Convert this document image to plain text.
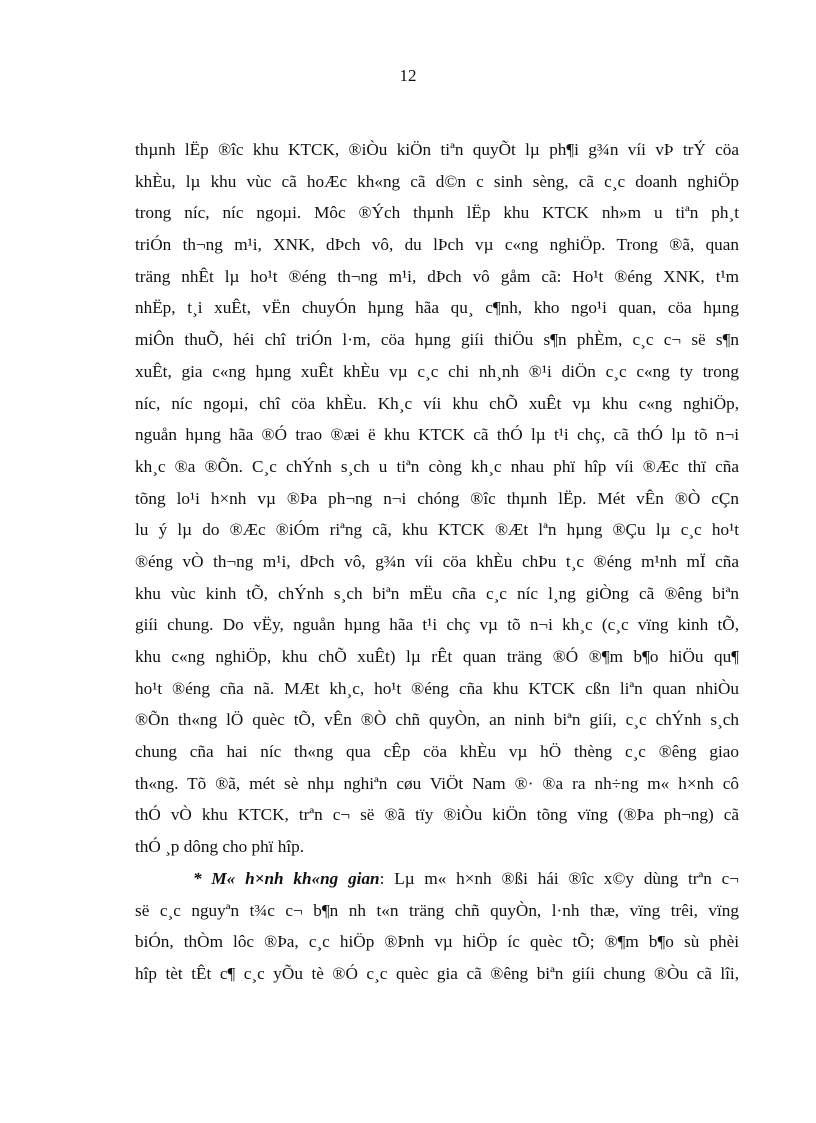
12
thµnh lËp ®îc khu KTCK, ®iÒu kiÖn tiªn quyÕt lµ ph¶i g¾n víi vÞ trÝ cöa
khÈu, lµ khu vùc cã hoÆc kh«ng cã d©n c sinh sèng, cã c¸c doanh nghiÖp
trong níc, níc ngoµi. Môc ®Ých thµnh lËp khu KTCK nh»m u tiªn ph¸t
triÓn th¬ng m¹i, XNK, dÞch vô, du lÞch vµ c«ng nghiÖp. Trong ®ã, quan
träng nhÊt lµ ho¹t ®éng th¬ng m¹i, dÞch vô gåm cã: Ho¹t ®éng XNK, t¹m
nhËp, t¸i xuÊt, vËn chuyÓn hµng hãa qu¸ c¶nh, kho ngo¹i quan, cöa hµng
miÔn thuÕ, héi chî triÓn l·m, cöa hµng giíi thiÖu s¶n phÈm, c¸c c¬ së s¶n
xuÊt, gia c«ng hµng xuÊt khÈu vµ c¸c chi nh¸nh ®¹i diÖn c¸c c«ng ty trong
níc, níc ngoµi, chî cöa khÈu. Kh¸c víi khu chÕ xuÊt vµ khu c«ng nghiÖp,
nguån hµng hãa ®Ó trao ®æi ë khu KTCK cã thÓ lµ t¹i chç, cã thÓ lµ tõ n¬i
kh¸c ®a ®Õn. C¸c chÝnh s¸ch u tiªn còng kh¸c nhau phï hîp víi ®Æc thï cña
tõng lo¹i h×nh vµ ®Þa ph¬ng n¬i chóng ®îc thµnh lËp. Mét vÊn ®Ò cÇn
lu ý lµ do ®Æc ®iÓm riªng cã, khu KTCK ®Æt lªn hµng ®Çu lµ c¸c ho¹t
®éng vÒ th¬ng m¹i, dÞch vô, g¾n víi cöa khÈu chÞu t¸c ®éng m¹nh mÏ cña
khu vùc kinh tÕ, chÝnh s¸ch biªn mËu cña c¸c níc l¸ng giÒng cã ®êng biªn
giíi chung. Do vËy, nguån hµng hãa t¹i chç vµ tõ n¬i kh¸c (c¸c vïng kinh tÕ,
khu c«ng nghiÖp, khu chÕ xuÊt) lµ rÊt quan träng ®Ó ®¶m b¶o hiÖu qu¶
ho¹t ®éng cña nã. MÆt kh¸c, ho¹t ®éng cña khu KTCK cßn liªn quan nhiÒu
®Õn th«ng lÖ quèc tÕ, vÊn ®Ò chñ quyÒn, an ninh biªn giíi, c¸c chÝnh s¸ch
chung cña hai níc th«ng qua cÊp cöa khÈu vµ hÖ thèng c¸c ®êng giao
th«ng. Tõ ®ã, mét sè nhµ nghiªn cøu ViÖt Nam ®· ®a ra nh÷ng m« h×nh cô
thÓ vÒ khu KTCK, trªn c¬ së ®ã tïy ®iÒu kiÖn tõng vïng (®Þa ph¬ng) cã
thÓ ¸p dông cho phï hîp.
* M« h×nh kh«ng gian: Lµ m« h×nh ®ßi hái ®îc x©y dùng trªn c¬
së c¸c nguyªn t¾c c¬ b¶n nh t«n träng chñ quyÒn, l·nh thæ, vïng trêi, vïng
biÓn, thÒm lôc ®Þa, c¸c hiÖp ®Þnh vµ hiÖp íc quèc tÕ; ®¶m b¶o sù phèi
hîp tèt tÊt c¶ c¸c yÕu tè ®Ó c¸c quèc gia cã ®êng biªn giíi chung ®Òu cã lîi,
